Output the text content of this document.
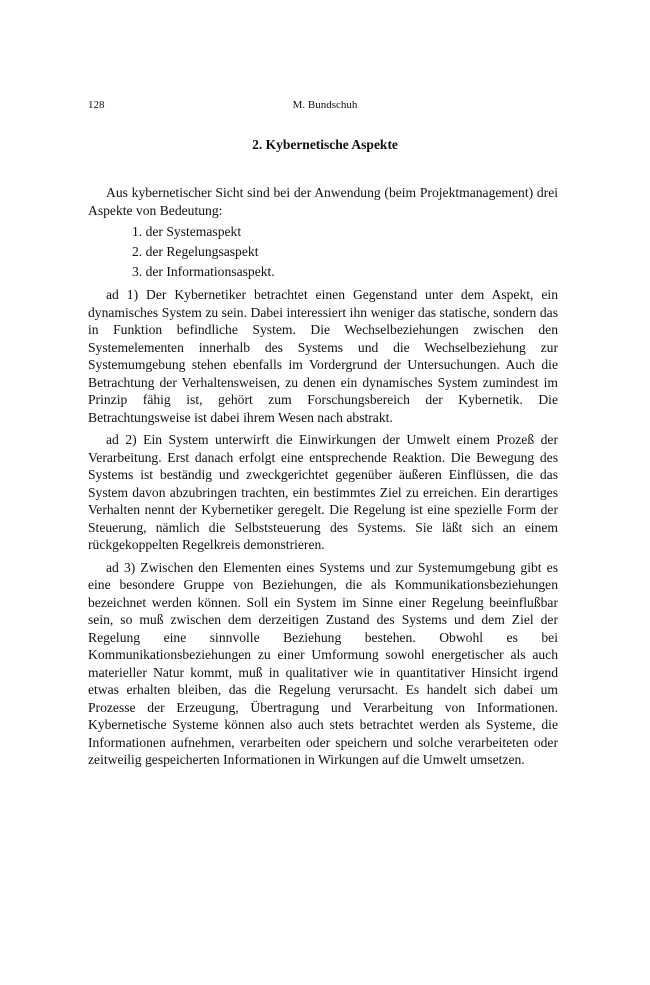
128	M. Bundschuh
2. Kybernetische Aspekte

Aus kybernetischer Sicht sind bei der Anwendung (beim Projektmanagement) drei Aspekte von Bedeutung:

1. der Systemaspekt
2. der Regelungsaspekt
3. der Informationsaspekt.

ad 1) Der Kybernetiker betrachtet einen Gegenstand unter dem Aspekt, ein dynamisches System zu sein. Dabei interessiert ihn weniger das statische, sondern das in Funktion befindliche System. Die Wechselbeziehungen zwischen den Systemelementen innerhalb des Systems und die Wechselbeziehung zur Systemumgebung stehen ebenfalls im Vordergrund der Untersuchungen. Auch die Betrachtung der Verhaltensweisen, zu denen ein dynamisches System zumindest im Prinzip fähig ist, gehört zum Forschungsbereich der Kybernetik. Die Betrachtungsweise ist dabei ihrem Wesen nach abstrakt.

ad 2) Ein System unterwirft die Einwirkungen der Umwelt einem Prozeß der Verarbeitung. Erst danach erfolgt eine entsprechende Reaktion. Die Bewegung des Systems ist beständig und zweckgerichtet gegenüber äußeren Einflüssen, die das System davon abzubringen trachten, ein bestimmtes Ziel zu erreichen. Ein derartiges Verhalten nennt der Kybernetiker geregelt. Die Regelung ist eine spezielle Form der Steuerung, nämlich die Selbststeuerung des Systems. Sie läßt sich an einem rückgekoppelten Regelkreis demonstrieren.

ad 3) Zwischen den Elementen eines Systems und zur Systemumgebung gibt es eine besondere Gruppe von Beziehungen, die als Kommunikationsbeziehungen bezeichnet werden können. Soll ein System im Sinne einer Regelung beeinflußbar sein, so muß zwischen dem derzeitigen Zustand des Systems und dem Ziel der Regelung eine sinnvolle Beziehung bestehen. Obwohl es bei Kommunikationsbeziehungen zu einer Umformung sowohl energetischer als auch materieller Natur kommt, muß in qualitativer wie in quantitativer Hinsicht irgend etwas erhalten bleiben, das die Regelung verursacht. Es handelt sich dabei um Prozesse der Erzeugung, Übertragung und Verarbeitung von Informationen. Kybernetische Systeme können also auch stets betrachtet werden als Systeme, die Informationen aufnehmen, verarbeiten oder speichern und solche verarbeiteten oder zeitweilig gespeicherten Informationen in Wirkungen auf die Umwelt umsetzen.
